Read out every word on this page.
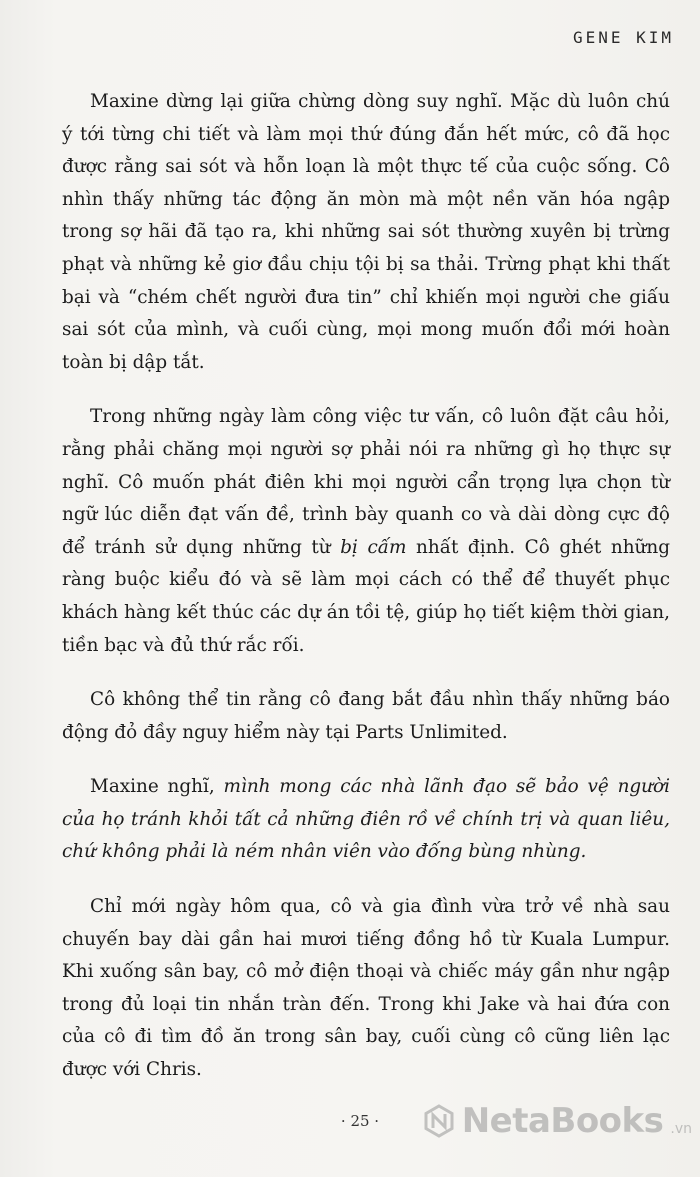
GENE KIM

Maxine dừng lại giữa chừng dòng suy nghĩ. Mặc dù luôn chú ý tới từng chi tiết và làm mọi thứ đúng đắn hết mức, cô đã học được rằng sai sót và hỗn loạn là một thực tế của cuộc sống. Cô nhìn thấy những tác động ăn mòn mà một nền văn hóa ngập trong sợ hãi đã tạo ra, khi những sai sót thường xuyên bị trừng phạt và những kẻ giơ đầu chịu tội bị sa thải. Trừng phạt khi thất bại và “chém chết người đưa tin” chỉ khiến mọi người che giấu sai sót của mình, và cuối cùng, mọi mong muốn đổi mới hoàn toàn bị dập tắt.

Trong những ngày làm công việc tư vấn, cô luôn đặt câu hỏi, rằng phải chăng mọi người sợ phải nói ra những gì họ thực sự nghĩ. Cô muốn phát điên khi mọi người cẩn trọng lựa chọn từ ngữ lúc diễn đạt vấn đề, trình bày quanh co và dài dòng cực độ để tránh sử dụng những từ bị cấm nhất định. Cô ghét những ràng buộc kiểu đó và sẽ làm mọi cách có thể để thuyết phục khách hàng kết thúc các dự án tồi tệ, giúp họ tiết kiệm thời gian, tiền bạc và đủ thứ rắc rối.

Cô không thể tin rằng cô đang bắt đầu nhìn thấy những báo động đỏ đầy nguy hiểm này tại Parts Unlimited.

Maxine nghĩ, mình mong các nhà lãnh đạo sẽ bảo vệ người của họ tránh khỏi tất cả những điên rồ về chính trị và quan liêu, chứ không phải là ném nhân viên vào đống bùng nhùng.

Chỉ mới ngày hôm qua, cô và gia đình vừa trở về nhà sau chuyến bay dài gần hai mươi tiếng đồng hồ từ Kuala Lumpur. Khi xuống sân bay, cô mở điện thoại và chiếc máy gần như ngập trong đủ loại tin nhắn tràn đến. Trong khi Jake và hai đứa con của cô đi tìm đồ ăn trong sân bay, cuối cùng cô cũng liên lạc được với Chris.

· 25 ·	NetaBooks .vn
